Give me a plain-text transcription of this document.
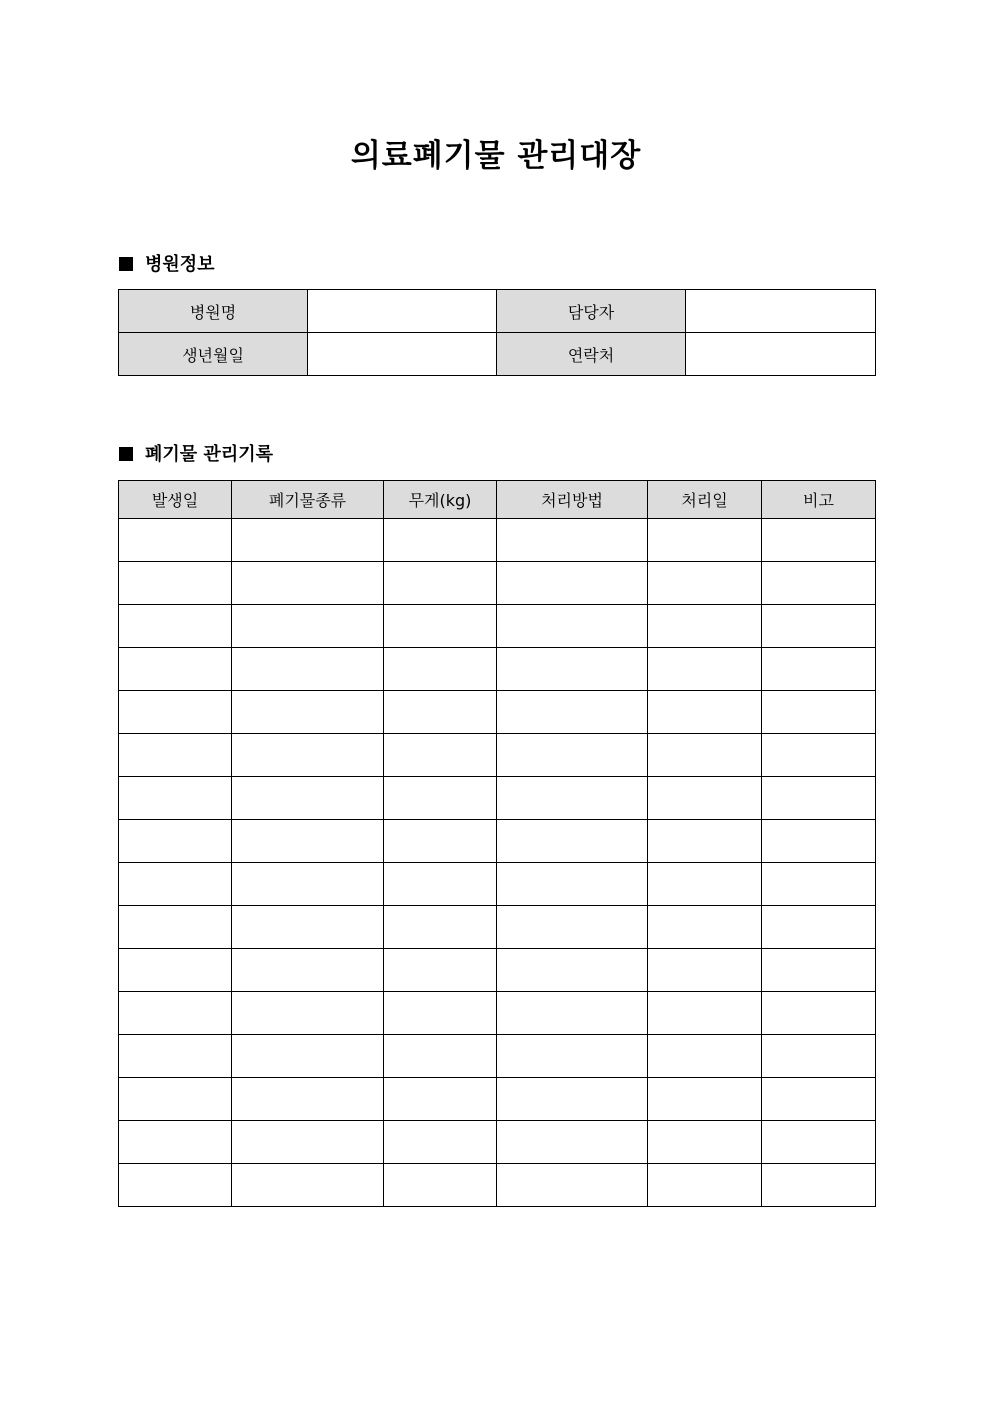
의료폐기물 관리대장
병원정보
병원명		담당자	
생년월일		연락처	
폐기물 관리기록
발생일	폐기물종류	무게(kg)	처리방법	처리일	비고
